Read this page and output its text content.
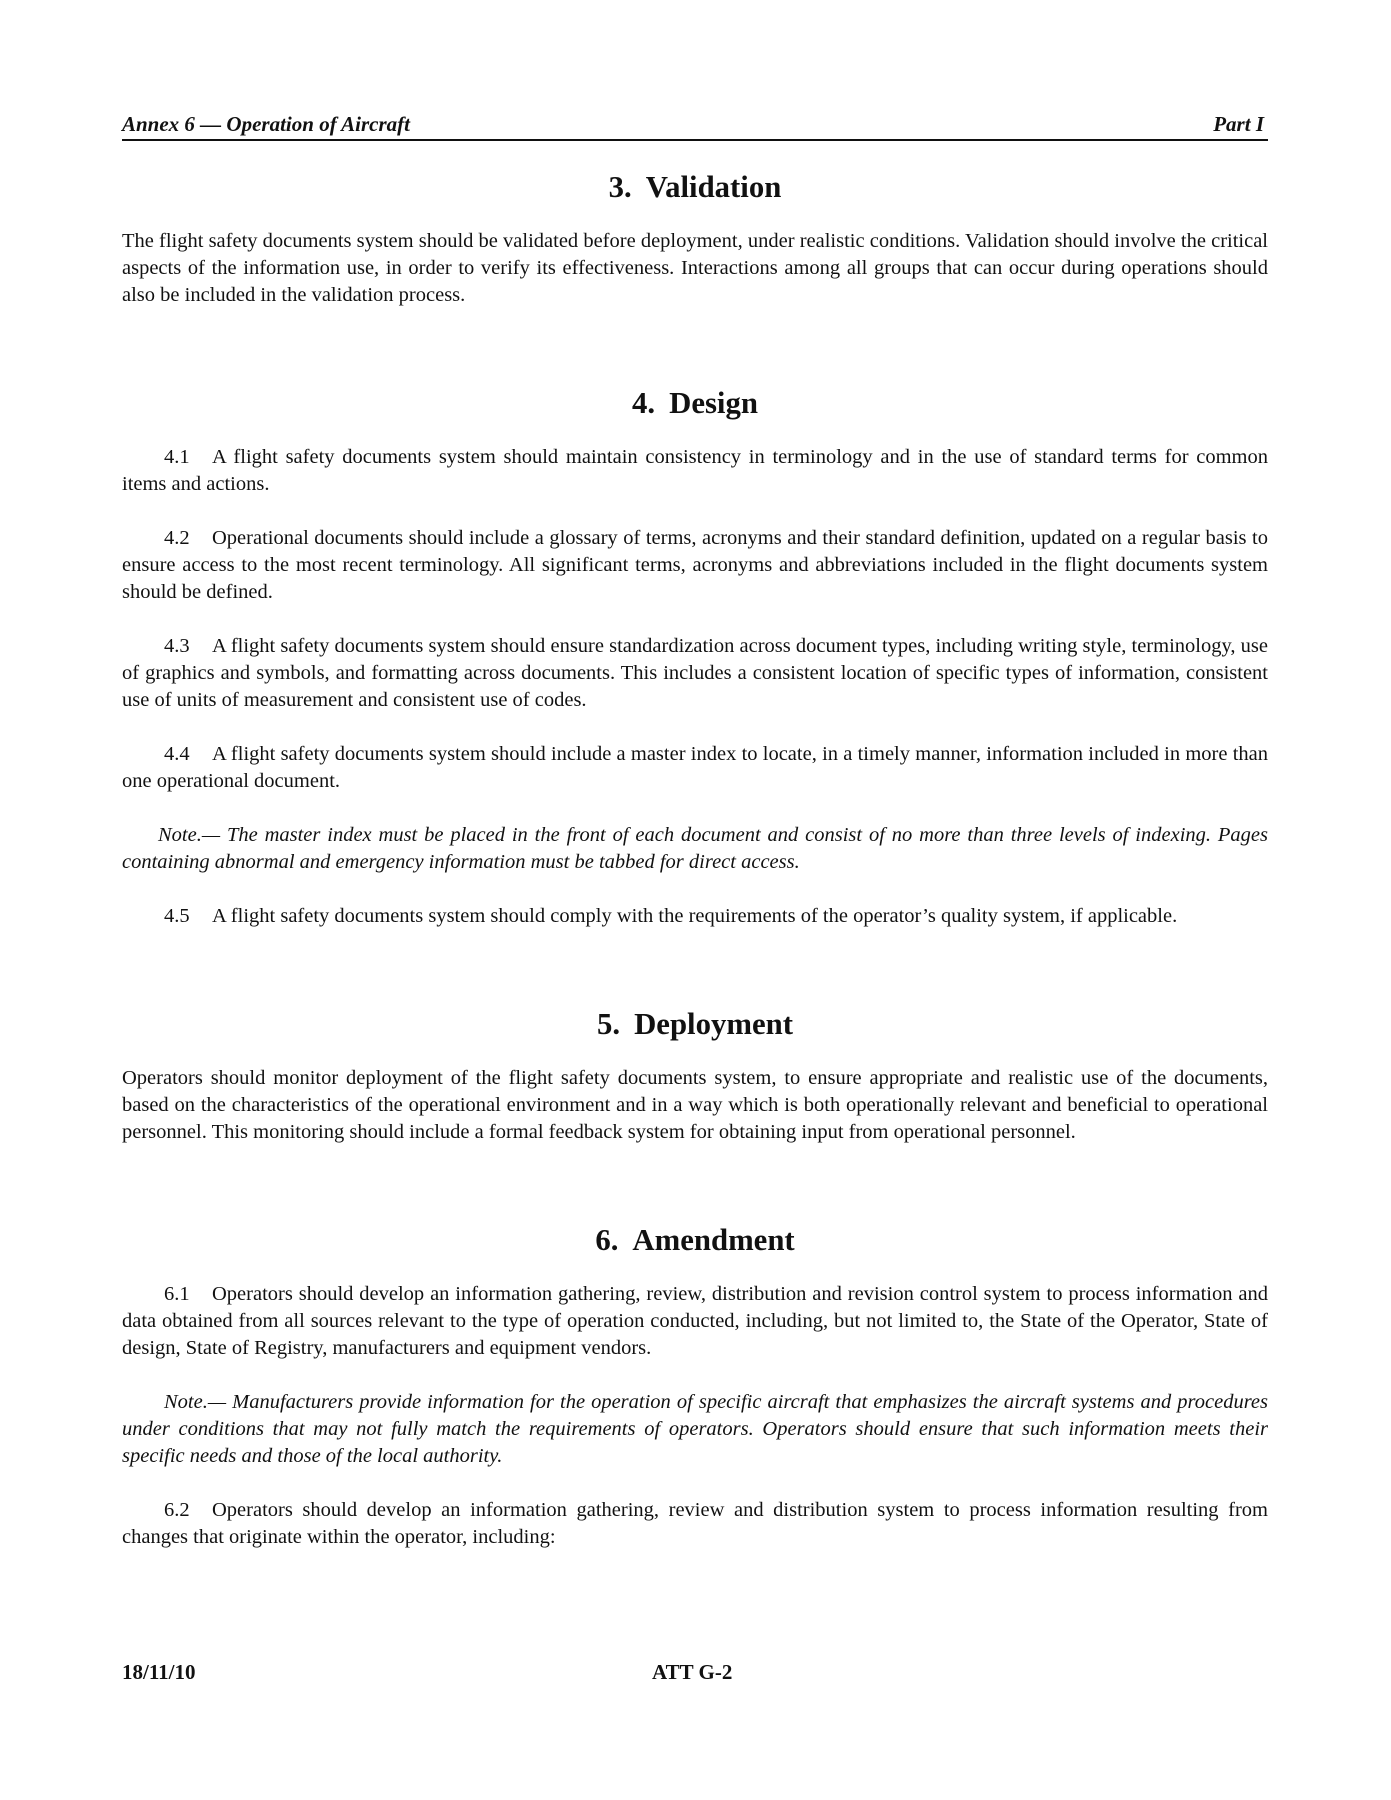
Annex 6 — Operation of Aircraft	Part I
3. Validation

The flight safety documents system should be validated before deployment, under realistic conditions. Validation should involve the critical aspects of the information use, in order to verify its effectiveness. Interactions among all groups that can occur during operations should also be included in the validation process.

4. Design

4.1 A flight safety documents system should maintain consistency in terminology and in the use of standard terms for common items and actions.

4.2 Operational documents should include a glossary of terms, acronyms and their standard definition, updated on a regular basis to ensure access to the most recent terminology. All significant terms, acronyms and abbreviations included in the flight documents system should be defined.

4.3 A flight safety documents system should ensure standardization across document types, including writing style, terminology, use of graphics and symbols, and formatting across documents. This includes a consistent location of specific types of information, consistent use of units of measurement and consistent use of codes.

4.4 A flight safety documents system should include a master index to locate, in a timely manner, information included in more than one operational document.

Note.— The master index must be placed in the front of each document and consist of no more than three levels of indexing. Pages containing abnormal and emergency information must be tabbed for direct access.

4.5 A flight safety documents system should comply with the requirements of the operator’s quality system, if applicable.

5. Deployment

Operators should monitor deployment of the flight safety documents system, to ensure appropriate and realistic use of the documents, based on the characteristics of the operational environment and in a way which is both operationally relevant and beneficial to operational personnel. This monitoring should include a formal feedback system for obtaining input from operational personnel.

6. Amendment

6.1 Operators should develop an information gathering, review, distribution and revision control system to process information and data obtained from all sources relevant to the type of operation conducted, including, but not limited to, the State of the Operator, State of design, State of Registry, manufacturers and equipment vendors.

Note.— Manufacturers provide information for the operation of specific aircraft that emphasizes the aircraft systems and procedures under conditions that may not fully match the requirements of operators. Operators should ensure that such information meets their specific needs and those of the local authority.

6.2 Operators should develop an information gathering, review and distribution system to process information resulting from changes that originate within the operator, including:

18/11/10	ATT G-2
